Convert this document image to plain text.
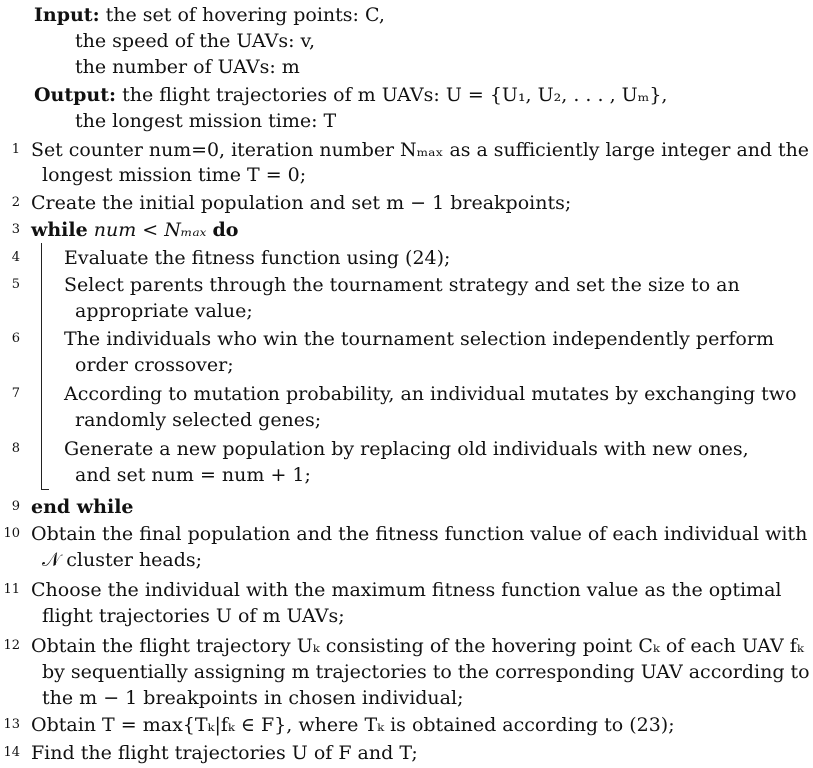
Input: the set of hovering points: C,
the speed of the UAVs: v,
the number of UAVs: m
Output: the flight trajectories of m UAVs: U = {U₁, U₂, . . . , Uₘ},
the longest mission time: T
1 Set counter num=0, iteration number Nₘₐₓ as a sufficiently large integer and the
longest mission time T = 0;
2 Create the initial population and set m − 1 breakpoints;
3 while num < Nₘₐₓ do
4 Evaluate the fitness function using (24);
5 Select parents through the tournament strategy and set the size to an
appropriate value;
6 The individuals who win the tournament selection independently perform
order crossover;
7 According to mutation probability, an individual mutates by exchanging two
randomly selected genes;
8 Generate a new population by replacing old individuals with new ones,
and set num = num + 1;
9 end while
10 Obtain the final population and the fitness function value of each individual with
𝒩 cluster heads;
11 Choose the individual with the maximum fitness function value as the optimal
flight trajectories U of m UAVs;
12 Obtain the flight trajectory Uₖ consisting of the hovering point Cₖ of each UAV fₖ
by sequentially assigning m trajectories to the corresponding UAV according to
the m − 1 breakpoints in chosen individual;
13 Obtain T = max{Tₖ|fₖ ∈ F}, where Tₖ is obtained according to (23);
14 Find the flight trajectories U of F and T;
